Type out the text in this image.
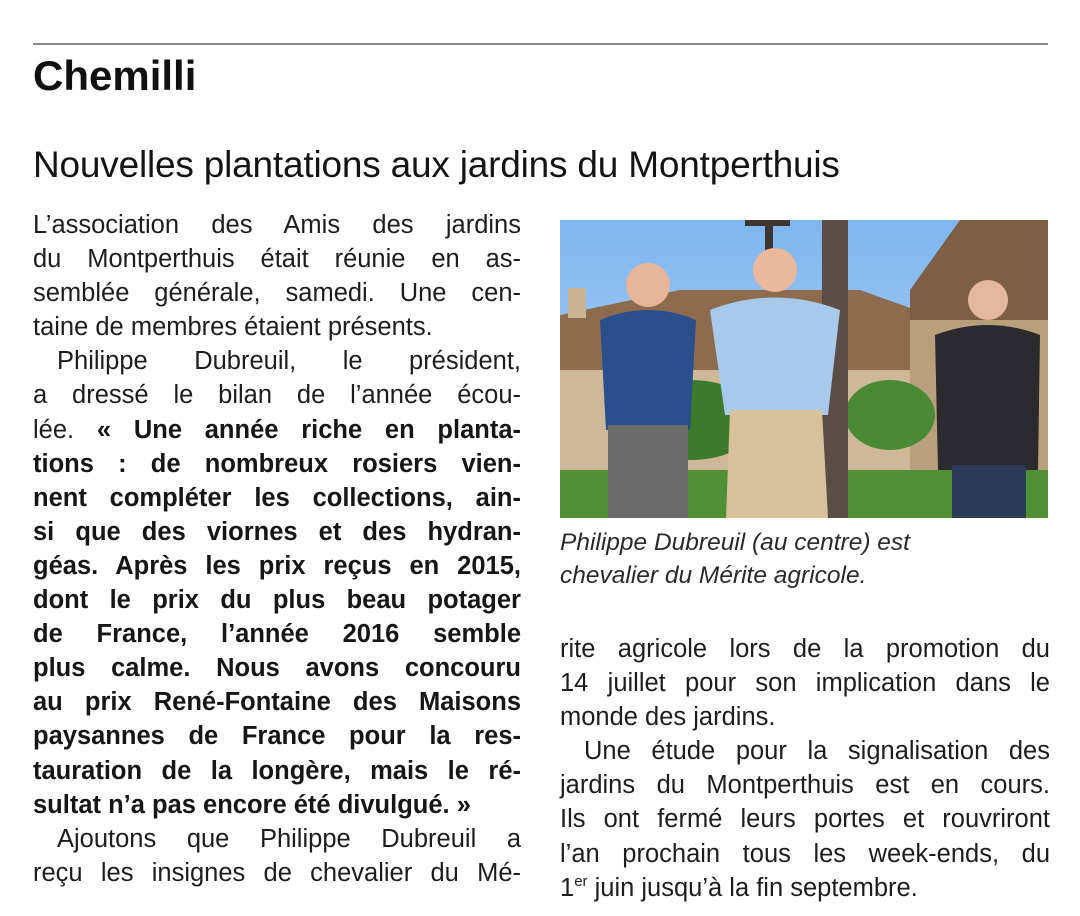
Chemilli
Nouvelles plantations aux jardins du Montperthuis

L’association des Amis des jardins
du Montperthuis était réunie en as-
semblée générale, samedi. Une cen-
taine de membres étaient présents.

Philippe Dubreuil, le président,
a dressé le bilan de l’année écou-
lée. « Une année riche en planta-
tions : de nombreux rosiers vien-
nent compléter les collections, ain-
si que des viornes et des hydran-
géas. Après les prix reçus en 2015,
dont le prix du plus beau potager
de France, l’année 2016 semble
plus calme. Nous avons concouru
au prix René-Fontaine des Maisons
paysannes de France pour la res-
tauration de la longère, mais le ré-
sultat n’a pas encore été divulgué. »

Ajoutons que Philippe Dubreuil a
reçu les insignes de chevalier du Mé-

Philippe Dubreuil (au centre) est
chevalier du Mérite agricole.

rite agricole lors de la promotion du
14 juillet pour son implication dans le
monde des jardins.

Une étude pour la signalisation des
jardins du Montperthuis est en cours.
Ils ont fermé leurs portes et rouvriront
l’an prochain tous les week-ends, du
1er juin jusqu’à la fin septembre.
